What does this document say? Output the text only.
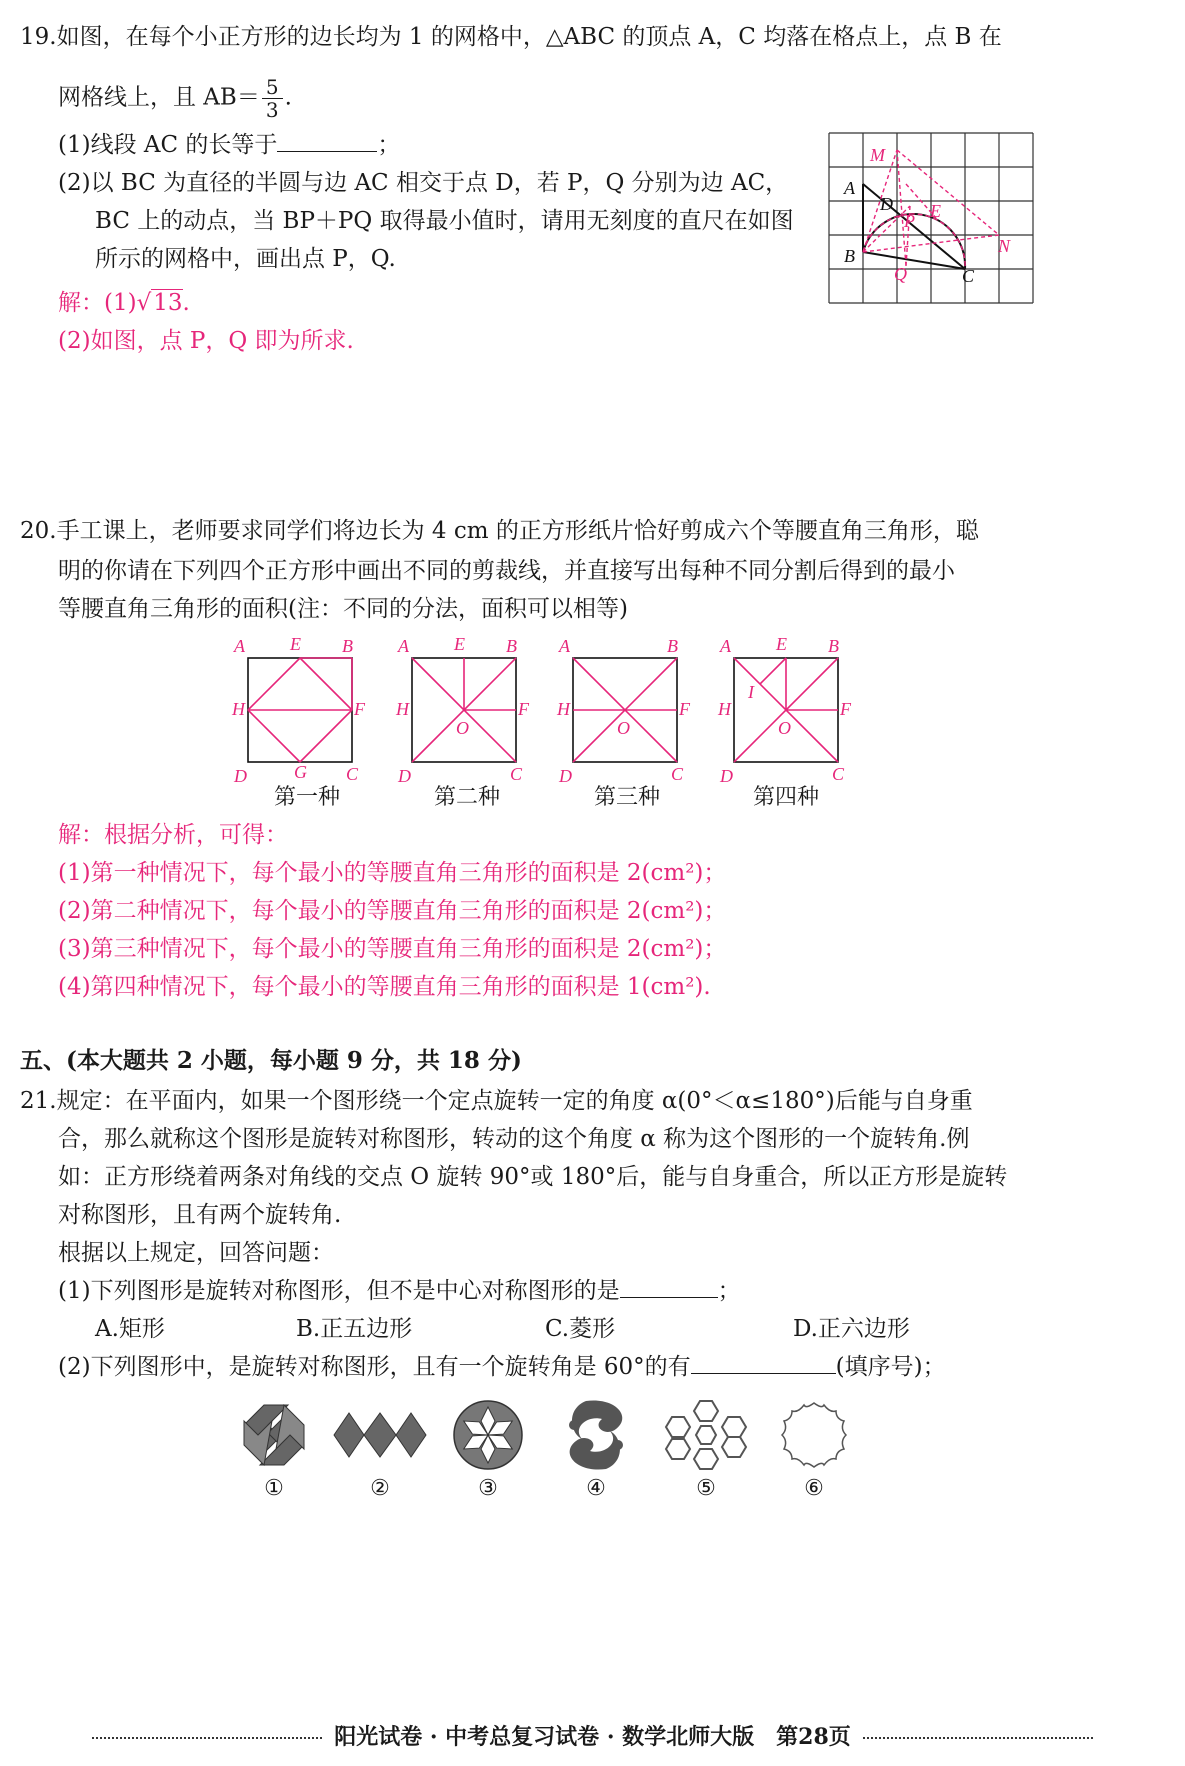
19.如图，在每个小正方形的边长均为 1 的网格中，△ABC 的顶点 A，C 均落在格点上，点 B 在
网格线上，且 $AB= \frac{5}{3}$ .
(1)线段 AC 的长等于	；
(2)以 BC 为直径的半圆与边 AC 相交于点 D，若 P，Q 分别为边 AC，
BC 上的动点，当 BP＋PQ 取得最小值时，请用无刻度的直尺在如图
所示的网格中，画出点 P，Q.
解：(1)√13.
(2)如图，点 P，Q 即为所求.
M
E
P
Q
N
A
D
B
C
20.手工课上，老师要求同学们将边长为 4 cm 的正方形纸片恰好剪成六个等腰直角三角形，聪
明的你请在下列四个正方形中画出不同的剪裁线，并直接写出每种不同分割后得到的最小
等腰直角三角形的面积(注：不同的分法，面积可以相等)
A	E B
H	F
D	G C
A	E B
H
O
F
D	C
A	B
H
O
F
D	C
A	E B
I
H
O
F
D	C
第一种	第二种	第三种	第四种
解：根据分析，可得：
(1)第一种情况下，每个最小的等腰直角三角形的面积是 2(cm²)；
(2)第二种情况下，每个最小的等腰直角三角形的面积是 2(cm²)；
(3)第三种情况下，每个最小的等腰直角三角形的面积是 2(cm²)；
(4)第四种情况下，每个最小的等腰直角三角形的面积是 1(cm²).
五、(本大题共 2 小题，每小题 9 分，共 18 分)
21.规定：在平面内，如果一个图形绕一个定点旋转一定的角度 α(0°＜α≤180°)后能与自身重
合，那么就称这个图形是旋转对称图形，转动的这个角度 α 称为这个图形的一个旋转角.例
如：正方形绕着两条对角线的交点 O 旋转 90°或 180°后，能与自身重合，所以正方形是旋转
对称图形，且有两个旋转角.
根据以上规定，回答问题：
(1)下列图形是旋转对称图形，但不是中心对称图形的是	；
A.矩形	B.正五边形	C.菱形	D.正六边形
(2)下列图形中，是旋转对称图形，且有一个旋转角是 60°的有	(填序号)；
①	②	③	④	⑤	⑥
阳光试卷 · 中考总复习试卷 · 数学北师大版　第28页
